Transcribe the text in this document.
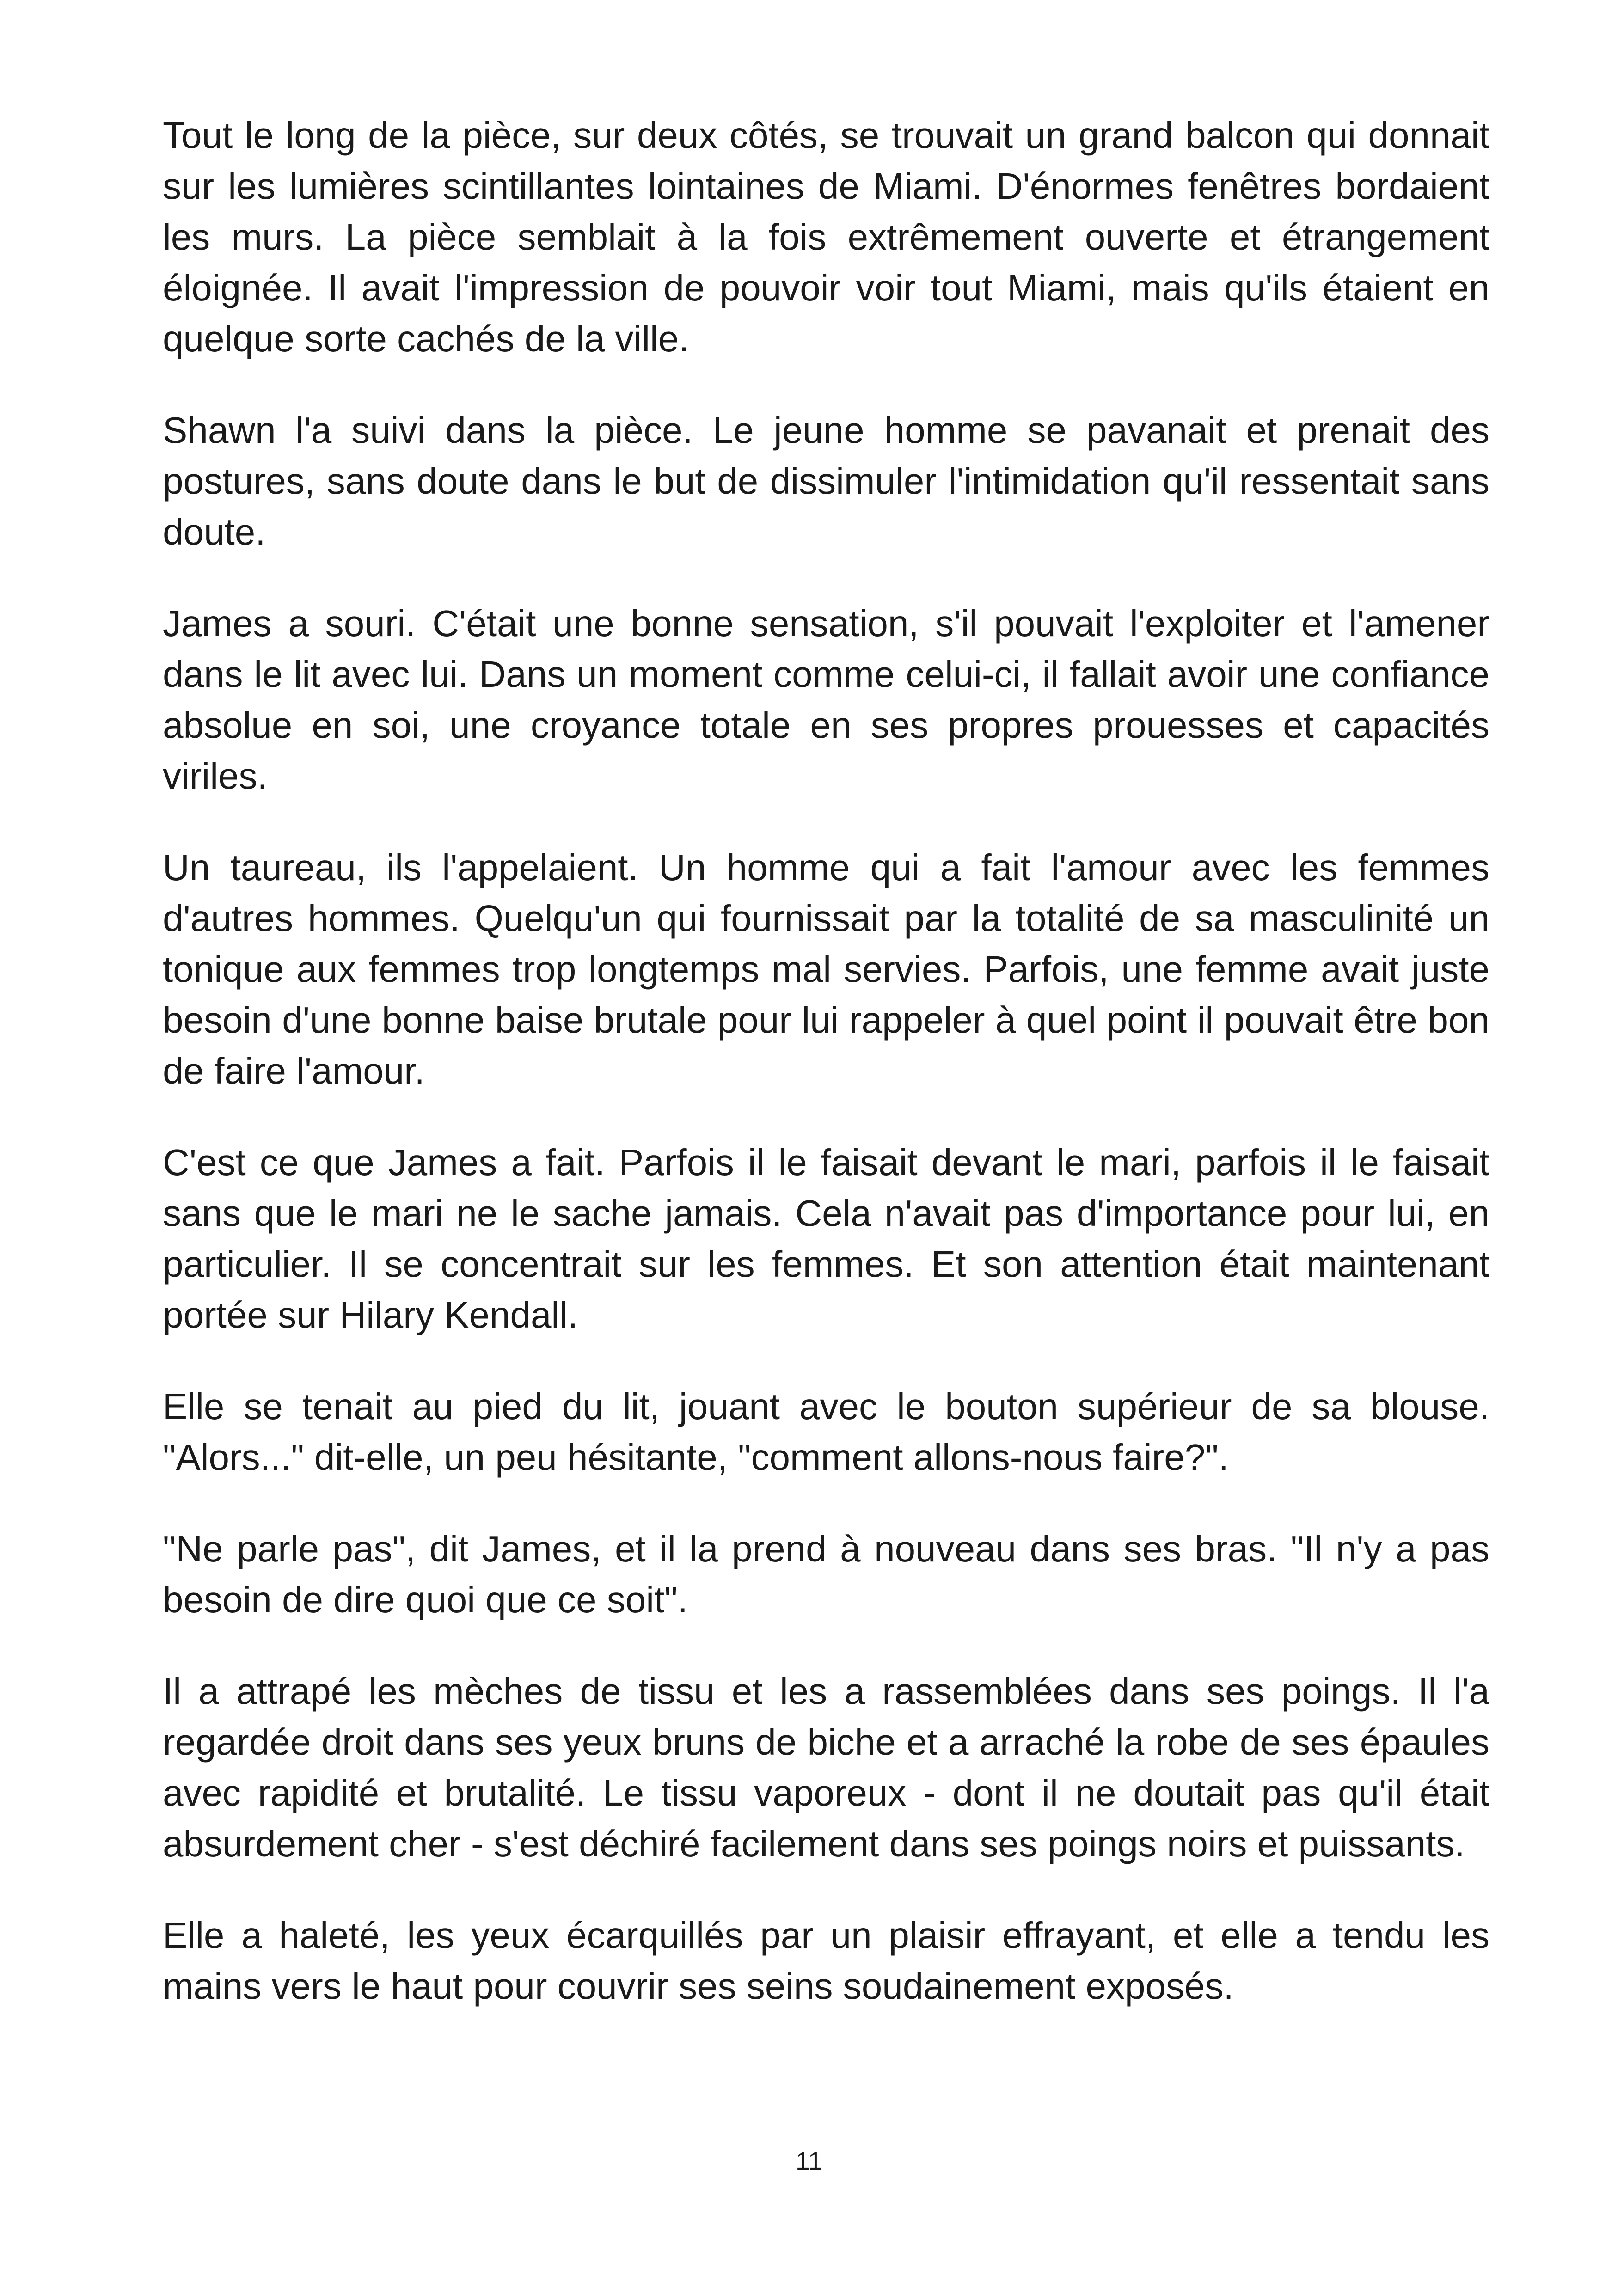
Tout le long de la pièce, sur deux côtés, se trouvait un grand balcon qui donnait sur les lumières scintillantes lointaines de Miami. D'énormes fenêtres bordaient les murs. La pièce semblait à la fois extrêmement ouverte et étrangement éloignée. Il avait l'impression de pouvoir voir tout Miami, mais qu'ils étaient en quelque sorte cachés de la ville.

Shawn l'a suivi dans la pièce. Le jeune homme se pavanait et prenait des postures, sans doute dans le but de dissimuler l'intimidation qu'il ressentait sans doute.

James a souri. C'était une bonne sensation, s'il pouvait l'exploiter et l'amener dans le lit avec lui. Dans un moment comme celui-ci, il fallait avoir une confiance absolue en soi, une croyance totale en ses propres prouesses et capacités viriles.

Un taureau, ils l'appelaient. Un homme qui a fait l'amour avec les femmes d'autres hommes. Quelqu'un qui fournissait par la totalité de sa masculinité un tonique aux femmes trop longtemps mal servies. Parfois, une femme avait juste besoin d'une bonne baise brutale pour lui rappeler à quel point il pouvait être bon de faire l'amour.

C'est ce que James a fait. Parfois il le faisait devant le mari, parfois il le faisait sans que le mari ne le sache jamais. Cela n'avait pas d'importance pour lui, en particulier. Il se concentrait sur les femmes. Et son attention était maintenant portée sur Hilary Kendall.

Elle se tenait au pied du lit, jouant avec le bouton supérieur de sa blouse. "Alors..." dit-elle, un peu hésitante, "comment allons-nous faire?".

"Ne parle pas", dit James, et il la prend à nouveau dans ses bras. "Il n'y a pas besoin de dire quoi que ce soit".

Il a attrapé les mèches de tissu et les a rassemblées dans ses poings. Il l'a regardée droit dans ses yeux bruns de biche et a arraché la robe de ses épaules avec rapidité et brutalité. Le tissu vaporeux - dont il ne doutait pas qu'il était absurdement cher - s'est déchiré facilement dans ses poings noirs et puissants.

Elle a haleté, les yeux écarquillés par un plaisir effrayant, et elle a tendu les mains vers le haut pour couvrir ses seins soudainement exposés.

11
